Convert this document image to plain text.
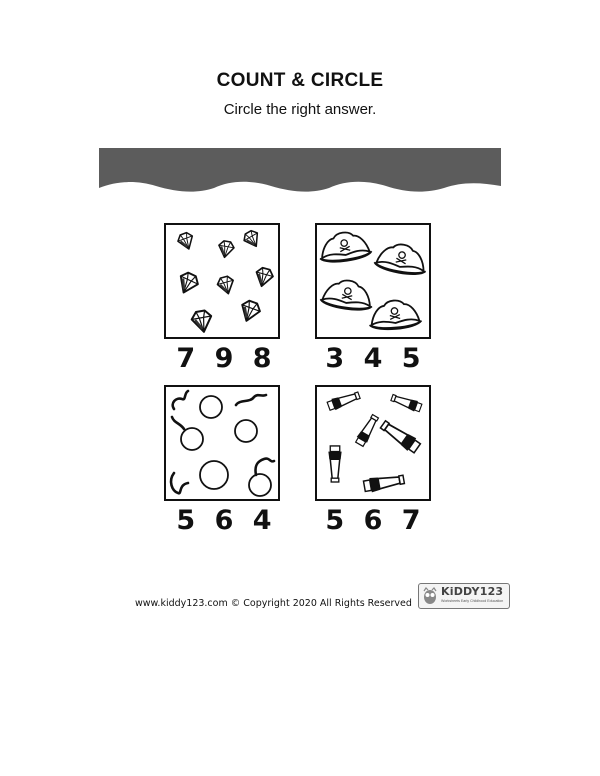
COUNT & CIRCLE
Circle the right answer.
7 9 8	3 4 5
5 6 4	5 6 7
www.kiddy123.com © Copyright 2020 All Rights Reserved
KiDDY123
Worksheets Early Childhood Education
